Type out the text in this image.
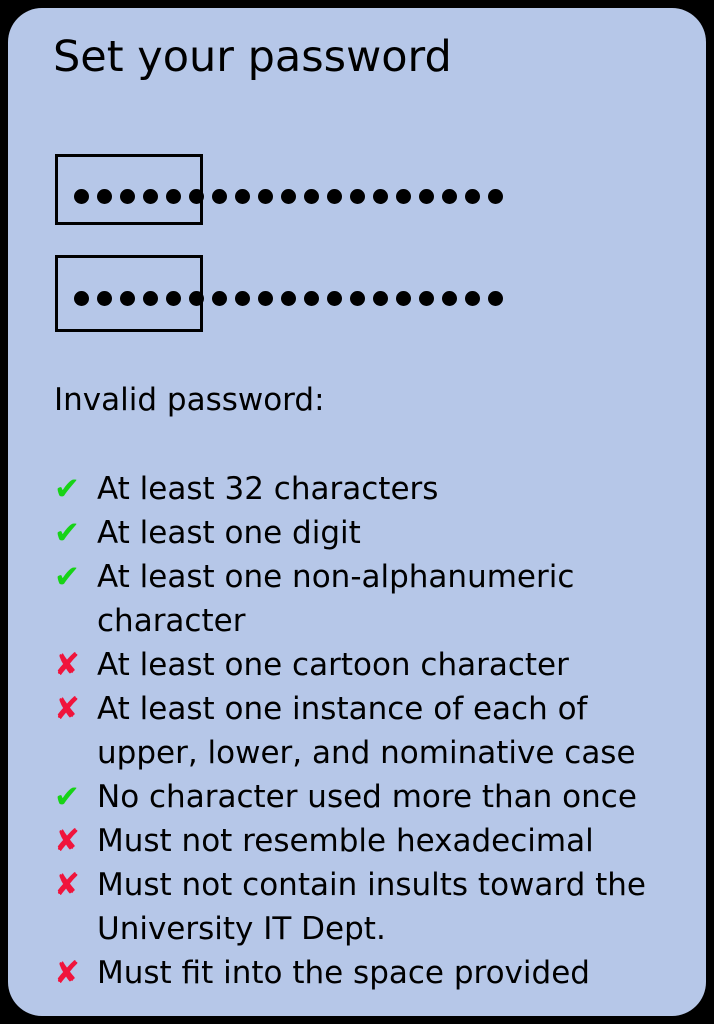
Set your password
Invalid password:
✔ At least 32 characters
✔ At least one digit
✔ At least one non-alphanumeric character
✘ At least one cartoon character
✘ At least one instance of each of upper, lower, and nominative case
✔ No character used more than once
✘ Must not resemble hexadecimal
✘ Must not contain insults toward the University IT Dept.
✘ Must fit into the space provided
